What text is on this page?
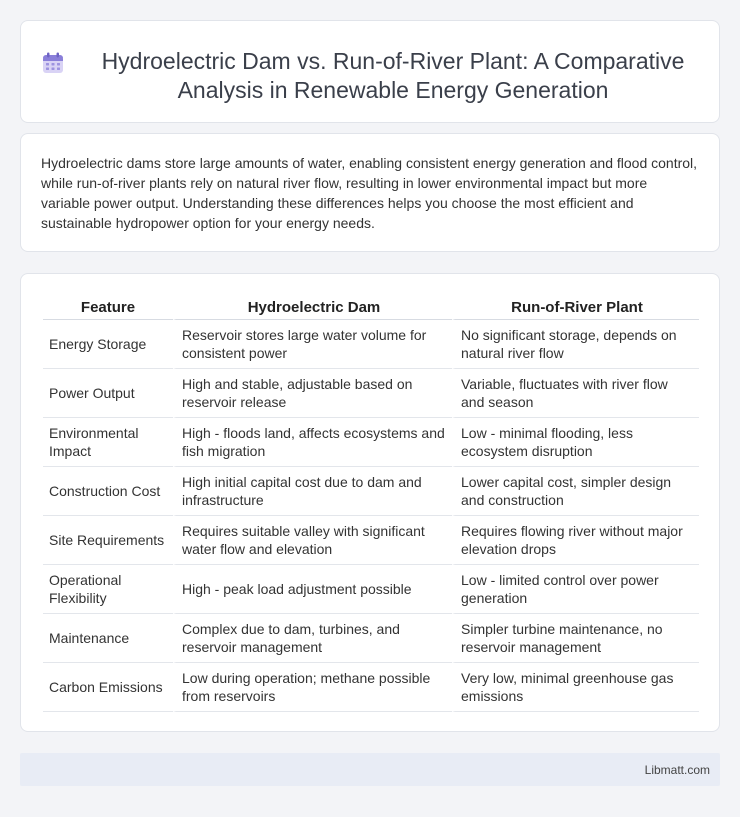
Hydroelectric Dam vs. Run-of-River Plant: A Comparative Analysis in Renewable Energy Generation

Hydroelectric dams store large amounts of water, enabling consistent energy generation and flood control, while run-of-river plants rely on natural river flow, resulting in lower environmental impact but more variable power output. Understanding these differences helps you choose the most efficient and sustainable hydropower option for your energy needs.

Feature	Hydroelectric Dam	Run-of-River Plant
Energy Storage	Reservoir stores large water volume for consistent power	No significant storage, depends on natural river flow
Power Output	High and stable, adjustable based on reservoir release	Variable, fluctuates with river flow and season
Environmental Impact	High - floods land, affects ecosystems and fish migration	Low - minimal flooding, less ecosystem disruption
Construction Cost	High initial capital cost due to dam and infrastructure	Lower capital cost, simpler design and construction
Site Requirements	Requires suitable valley with significant water flow and elevation	Requires flowing river without major elevation drops
Operational Flexibility	High - peak load adjustment possible	Low - limited control over power generation
Maintenance	Complex due to dam, turbines, and reservoir management	Simpler turbine maintenance, no reservoir management
Carbon Emissions	Low during operation; methane possible from reservoirs	Very low, minimal greenhouse gas emissions
Libmatt.com
